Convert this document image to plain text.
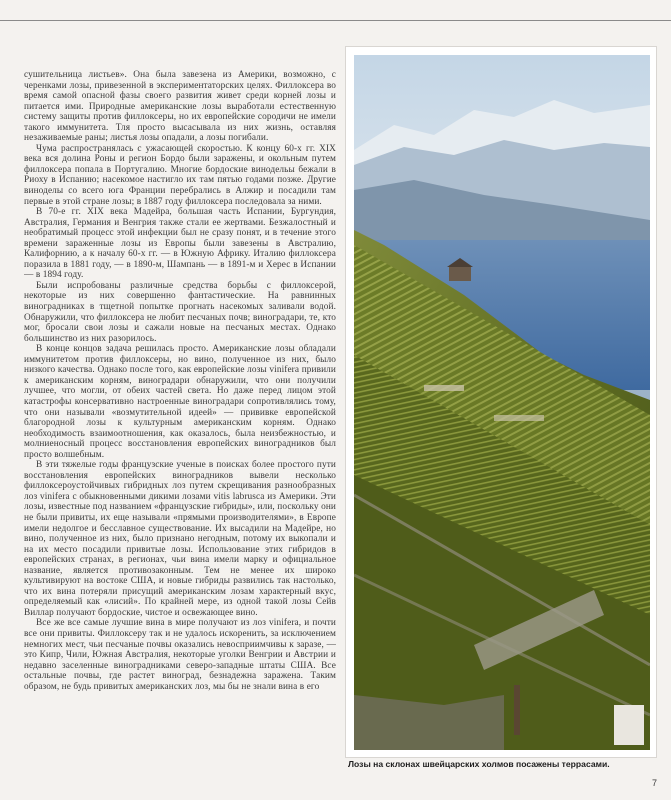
сушительница листьев». Она была завезена из Америки, возможно, с черенками лозы, привезенной в экспериментаторских целях. Филлоксера во время самой опасной фазы своего развития живет среди корней лозы и питается ими. Природные американские лозы выработали естественную систему защиты против филлоксеры, но их европейские сородичи не имели такого иммунитета. Тля просто высасывала из них жизнь, оставляя незаживаемые раны; листья лозы опадали, а лозы погибали.

Чума распространялась с ужасающей скоростью. К концу 60-х гг. XIX века вся долина Роны и регион Бордо были заражены, и окольным путем филлоксера попала в Португалию. Многие бордоские винодельы бежали в Риоху в Испанию; насекомое настигло их там пятью годами позже. Другие виноделы со всего юга Франции перебрались в Алжир и посадили там первые в этой стране лозы; в 1887 году филлоксера последовала за ними.

В 70-е гг. XIX века Мадейра, большая часть Испании, Бургундия, Австралия, Германия и Венгрия также стали ее жертвами. Безжалостный и необратимый процесс этой инфекции был не сразу понят, и в течение этого времени зараженные лозы из Европы были завезены в Австралию, Калифорнию, а к началу 60-х гг. — в Южную Африку. Италию филлоксера поразила в 1881 году, — в 1890-м, Шампань — в 1891-м и Херес в Испании — в 1894 году.

Были испробованы различные средства борьбы с филлоксерой, некоторые из них совершенно фантастические. На равнинных виноградниках в тщетной попытке прогнать насекомых заливали водой. Обнаружили, что филлоксера не любит песчаных почв; виноградари, те, кто мог, бросали свои лозы и сажали новые на песчаных местах. Однако большинство из них разорилось.

В конце концов задача решилась просто. Американские лозы обладали иммунитетом против филлоксеры, но вино, полученное из них, было низкого качества. Однако после того, как европейские лозы vinifera привили к американским корням, виноградари обнаружили, что они получили лучшее, что могли, от обеих частей света. Но даже перед лицом этой катастрофы консервативно настроенные виноградари сопротивлялись тому, что они называли «возмутительной идеей» — прививке европейской благородной лозы к культурным американским корням. Однако необходимость взаимоотношения, как оказалось, была неизбежностью, и молниеносный процесс восстановления европейских виноградников был просто волшебным.

В эти тяжелые годы французские ученые в поисках более простого пути восстановления европейских виноградников вывели несколько филлоксероустойчивых гибридных лоз путем скрещивания разнообразных лоз vinifera с обыкновенными дикими лозами vitis labrusca из Америки. Эти лозы, известные под названием «французские гибриды», или, поскольку они не были привиты, их еще называли «прямыми производителями», в Европе имели недолгое и бесславное существование. Их высадили на Мадейре, но вино, полученное из них, было признано негодным, потому их выкопали и на их место посадили привитые лозы. Использование этих гибридов в европейских странах, в регионах, чьи вина имели марку и официальное название, является противозаконным. Тем не менее их широко культивируют на востоке США, и новые гибриды развились так настолько, что их вина потеряли присущий американским лозам характерный вкус, определяемый как «лисий». По крайней мере, из одной такой лозы Сейв Виллар получают бордоские, чистое и освежающее вино.

Все же все самые лучшие вина в мире получают из лоз vinifera, и почти все они привиты. Филлоксеру так и не удалось искоренить, за исключением немногих мест, чьи песчаные почвы оказались невосприимчивы к заразе, — это Кипр, Чили, Южная Австралия, некоторые уголки Венгрии и Австрии и недавно заселенные виноградниками северо-западные штаты США. Все остальные почвы, где растет виноград, безнадежна заражена. Таким образом, не будь привитых американских лоз, мы бы не знали вина в его

Лозы на склонах швейцарских холмов посажены террасами.
7
